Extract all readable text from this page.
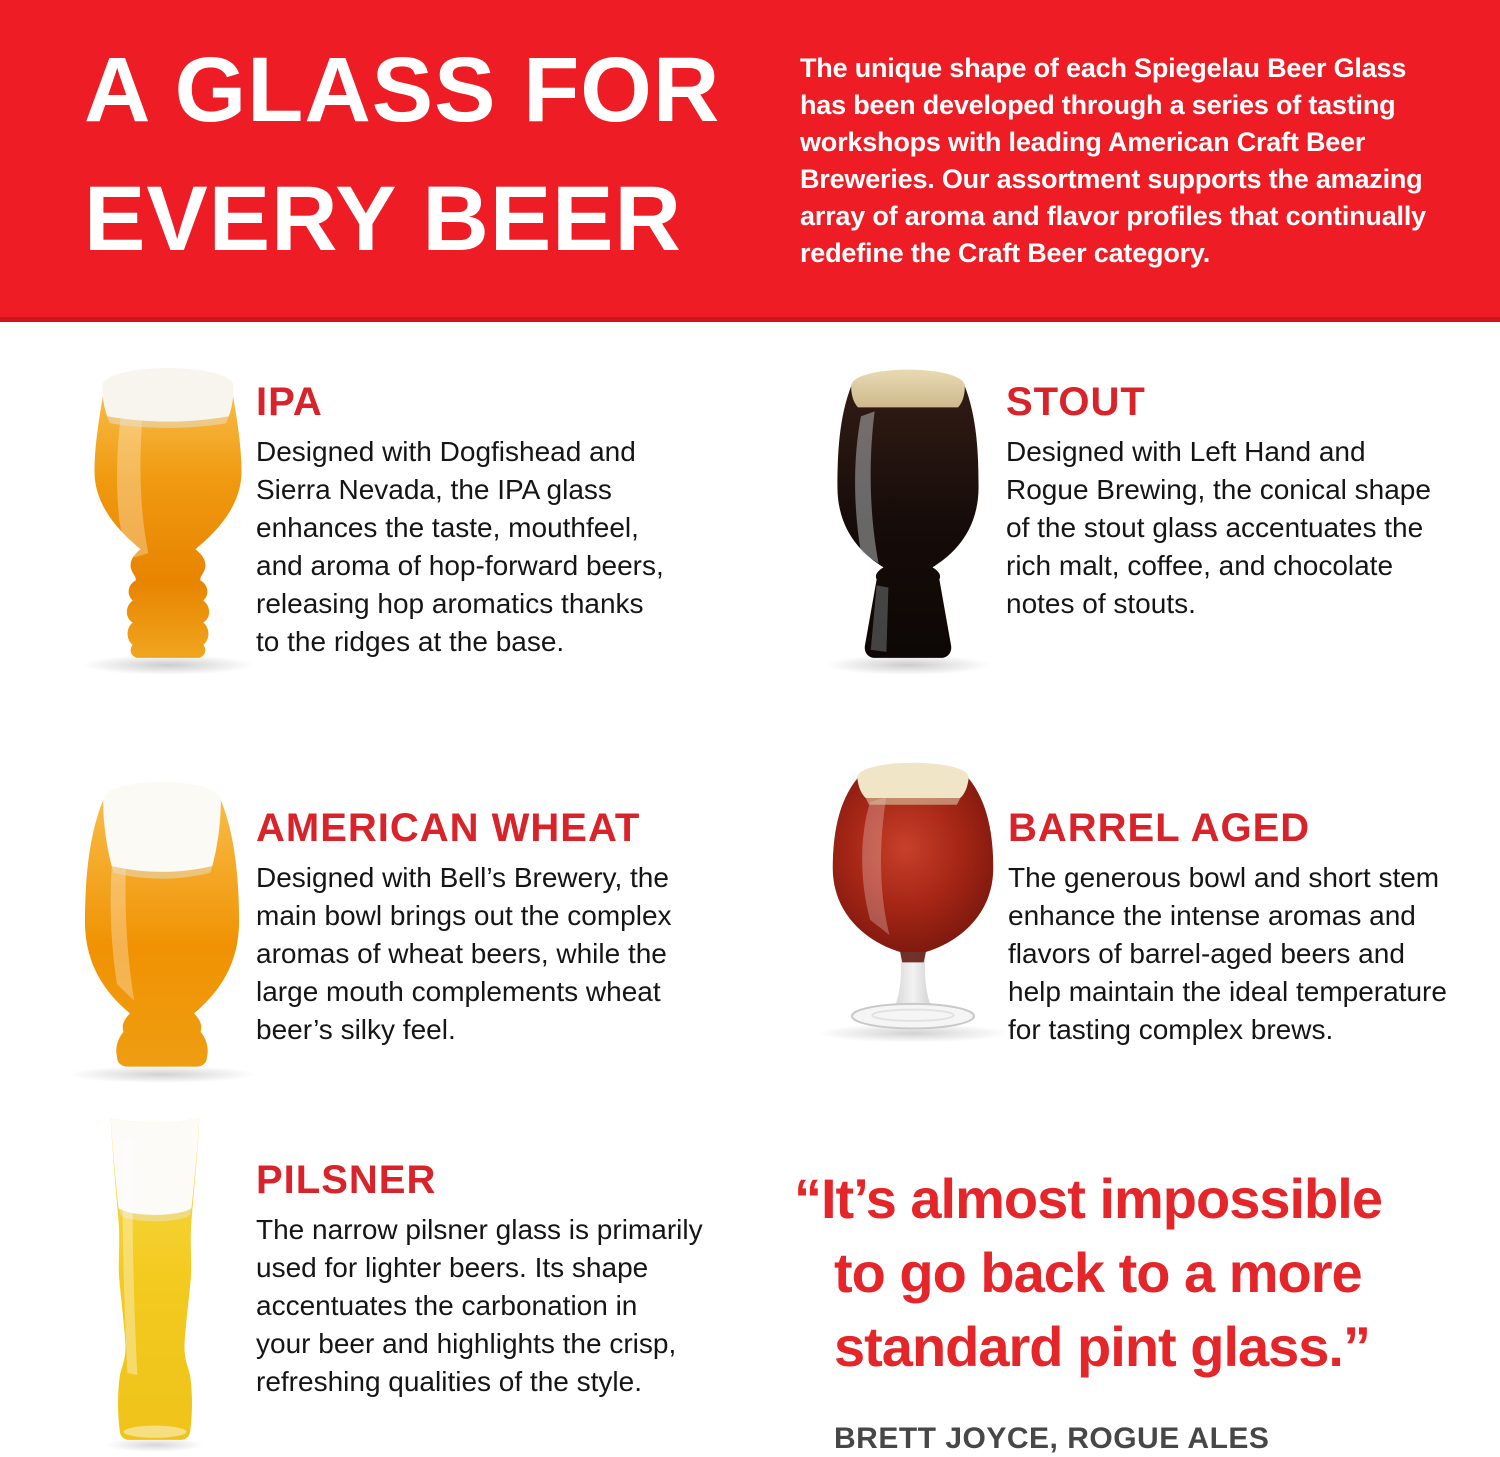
A GLASS FOR
EVERY BEER
The unique shape of each Spiegelau Beer Glass
has been developed through a series of tasting
workshops with leading American Craft Beer
Breweries. Our assortment supports the amazing
array of aroma and flavor profiles that continually
redefine the Craft Beer category.
IPA
Designed with Dogfishead and
Sierra Nevada, the IPA glass
enhances the taste, mouthfeel,
and aroma of hop-forward beers,
releasing hop aromatics thanks
to the ridges at the base.
STOUT
Designed with Left Hand and
Rogue Brewing, the conical shape
of the stout glass accentuates the
rich malt, coffee, and chocolate
notes of stouts.
AMERICAN WHEAT
Designed with Bell’s Brewery, the
main bowl brings out the complex
aromas of wheat beers, while the
large mouth complements wheat
beer’s silky feel.
BARREL AGED
The generous bowl and short stem
enhance the intense aromas and
flavors of barrel-aged beers and
help maintain the ideal temperature
for tasting complex brews.
PILSNER
The narrow pilsner glass is primarily
used for lighter beers. Its shape
accentuates the carbonation in
your beer and highlights the crisp,
refreshing qualities of the style.
“It’s almost impossible
to go back to a more
standard pint glass.”
BRETT JOYCE, ROGUE ALES
